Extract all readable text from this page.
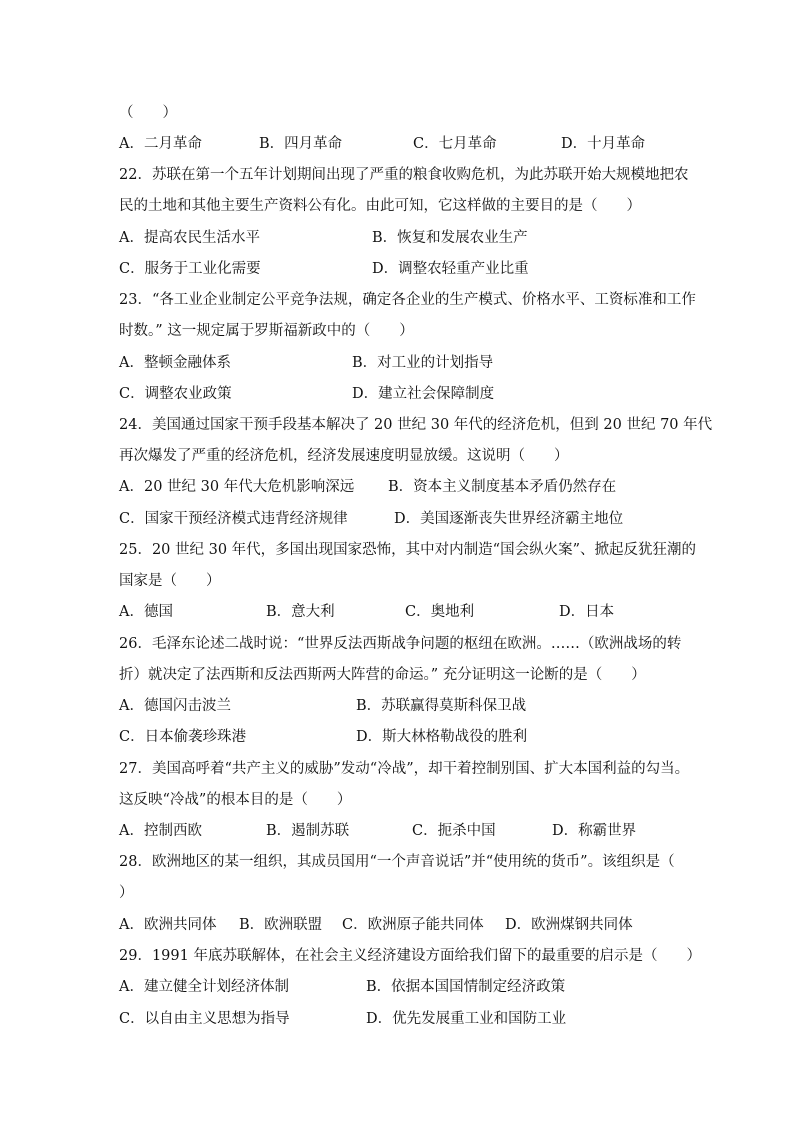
（　　）
A．二月革命	B．四月革命	C．七月革命	D．十月革命
22．苏联在第一个五年计划期间出现了严重的粮食收购危机，为此苏联开始大规模地把农
民的土地和其他主要生产资料公有化。由此可知，它这样做的主要目的是（　　）
A．提高农民生活水平	B．恢复和发展农业生产
C．服务于工业化需要	D．调整农轻重产业比重
23．“各工业企业制定公平竞争法规，确定各企业的生产模式、价格水平、工资标准和工作
时数。” 这一规定属于罗斯福新政中的（　　）
A．整顿金融体系	B．对工业的计划指导
C．调整农业政策	D．建立社会保障制度
24．美国通过国家干预手段基本解决了 20 世纪 30 年代的经济危机，但到 20 世纪 70 年代
再次爆发了严重的经济危机，经济发展速度明显放缓。这说明（　　）
A．20 世纪 30 年代大危机影响深远 B．资本主义制度基本矛盾仍然存在
C．国家干预经济模式违背经济规律	D．美国逐渐丧失世界经济霸主地位
25．20 世纪 30 年代，多国出现国家恐怖，其中对内制造“国会纵火案”、掀起反犹狂潮的
国家是（　　）
A．德国	B．意大利	C．奥地利	D．日本
26．毛泽东论述二战时说：“世界反法西斯战争问题的枢纽在欧洲。……（欧洲战场的转
折）就决定了法西斯和反法西斯两大阵营的命运。” 充分证明这一论断的是（　　）
A．德国闪击波兰	B．苏联赢得莫斯科保卫战
C．日本偷袭珍珠港	D．斯大林格勒战役的胜利
27．美国高呼着“共产主义的威胁”发动“冷战”，却干着控制别国、扩大本国利益的勾当。
这反映“冷战”的根本目的是（　　）
A．控制西欧	B．遏制苏联	C．扼杀中国	D．称霸世界
28．欧洲地区的某一组织，其成员国用“一个声音说话”并“使用统的货币”。该组织是（
）
A．欧洲共同体 B．欧洲联盟 C．欧洲原子能共同体 D．欧洲煤钢共同体
29．1991 年底苏联解体，在社会主义经济建设方面给我们留下的最重要的启示是（　　）
A．建立健全计划经济体制	B．依据本国国情制定经济政策
C．以自由主义思想为指导	D．优先发展重工业和国防工业
